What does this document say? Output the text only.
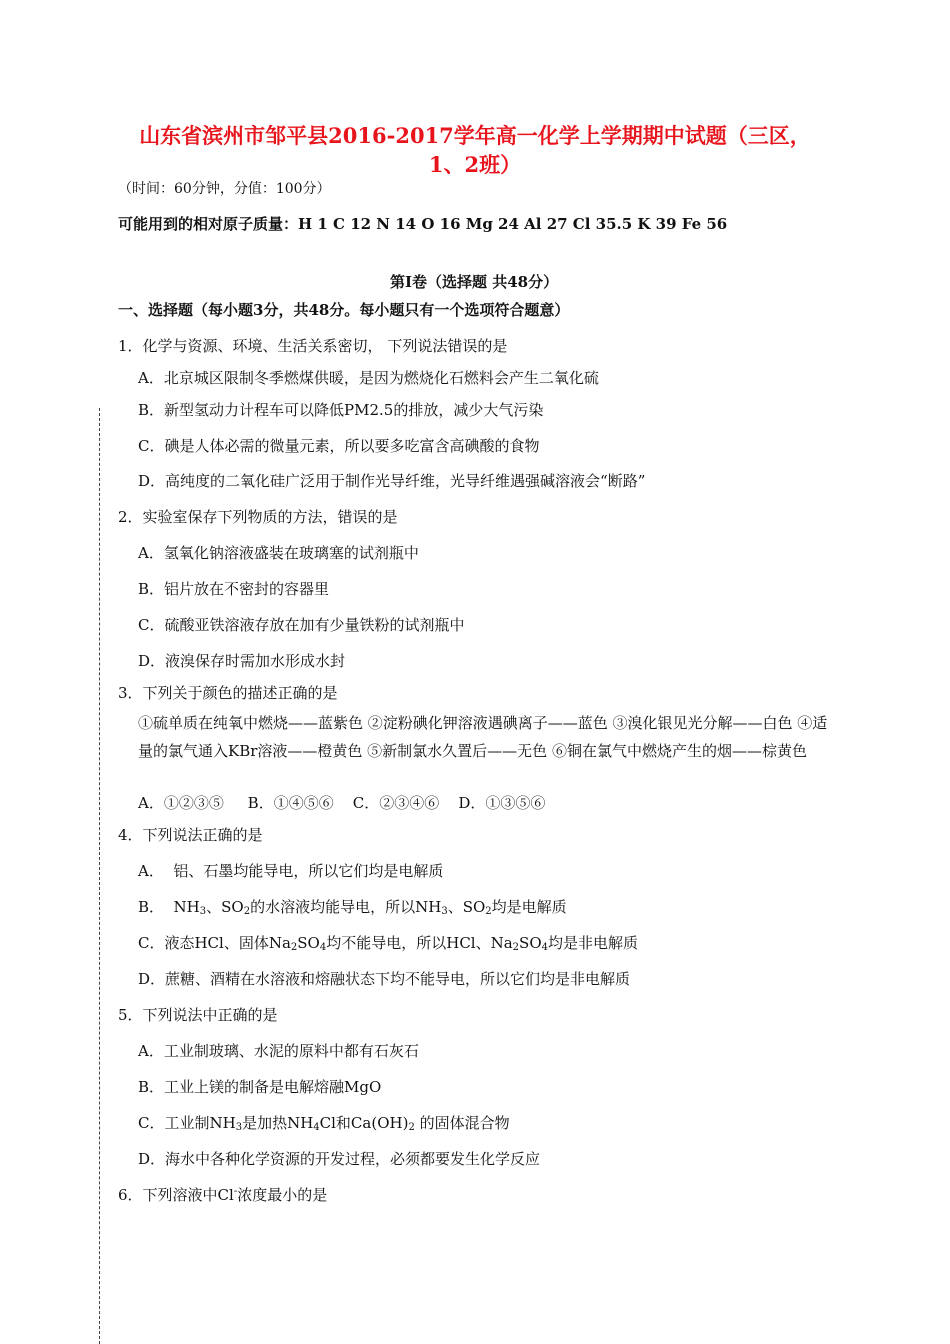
山东省滨州市邹平县2016-2017学年高一化学上学期期中试题（三区，
1、2班）
（时间：60分钟，分值：100分）
可能用到的相对原子质量：H 1 C 12 N 14 O 16 Mg 24 Al 27 Cl 35.5 K 39 Fe 56
第Ⅰ卷（选择题 共48分）
一、选择题（每小题3分，共48分。每小题只有一个选项符合题意）
1．化学与资源、环境、生活关系密切， 下列说法错误的是
A．北京城区限制冬季燃煤供暖，是因为燃烧化石燃料会产生二氧化硫
B．新型氢动力计程车可以降低PM2.5的排放，减少大气污染
C．碘是人体必需的微量元素，所以要多吃富含高碘酸的食物
D．高纯度的二氧化硅广泛用于制作光导纤维，光导纤维遇强碱溶液会“断路”
2．实验室保存下列物质的方法，错误的是
A．氢氧化钠溶液盛装在玻璃塞的试剂瓶中
B．铝片放在不密封的容器里
C．硫酸亚铁溶液存放在加有少量铁粉的试剂瓶中
D．液溴保存时需加水形成水封
3．下列关于颜色的描述正确的是
①硫单质在纯氧中燃烧——蓝紫色 ②淀粉碘化钾溶液遇碘离子——蓝色 ③溴化银见光分解——白色 ④适量的氯气通入KBr溶液——橙黄色 ⑤新制氯水久置后——无色 ⑥铜在氯气中燃烧产生的烟——棕黄色
A．①②③⑤     B．①④⑤⑥    C．②③④⑥    D．①③⑤⑥
4．下列说法正确的是
A．  铝、石墨均能导电，所以它们均是电解质
B．  $NH_3$、$SO_2$的水溶液均能导电，所以$NH_3$、$SO_2$均是电解质
C．液态HCl、固体$Na_2SO_4$均不能导电，所以HCl、$Na_2SO_4$均是非电解质
D．蔗糖、酒精在水溶液和熔融状态下均不能导电，所以它们均是非电解质
5．下列说法中正确的是
A．工业制玻璃、水泥的原料中都有石灰石
B．工业上镁的制备是电解熔融MgO
C．工业制$NH_3$是加热$NH_4Cl$和$Ca(OH)_2$ 的固体混合物
D．海水中各种化学资源的开发过程，必须都要发生化学反应
6．下列溶液中Cl-浓度最小的是
